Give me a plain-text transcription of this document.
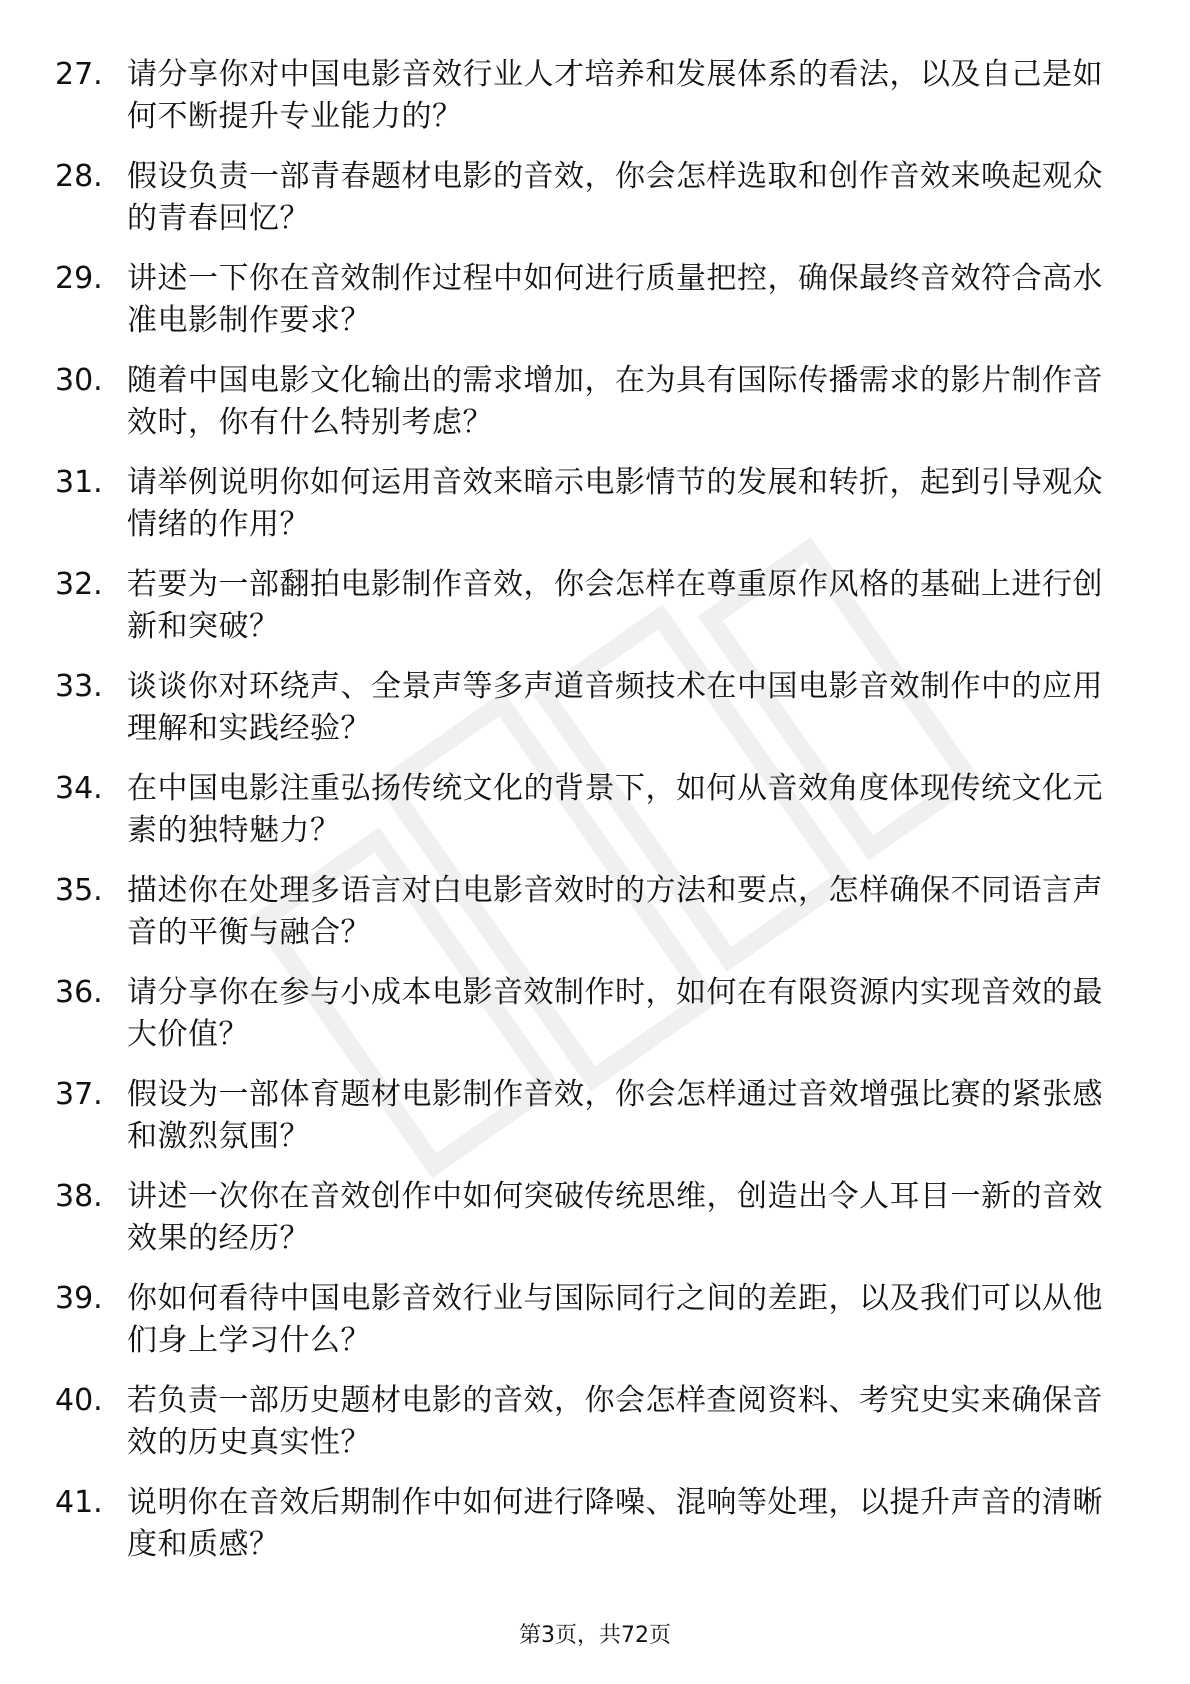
27. 请分享你对中国电影音效行业人才培养和发展体系的看法，以及自己是如何不断提升专业能力的？
28. 假设负责一部青春题材电影的音效，你会怎样选取和创作音效来唤起观众的青春回忆？
29. 讲述一下你在音效制作过程中如何进行质量把控，确保最终音效符合高水准电影制作要求？
30. 随着中国电影文化输出的需求增加，在为具有国际传播需求的影片制作音效时，你有什么特别考虑？
31. 请举例说明你如何运用音效来暗示电影情节的发展和转折，起到引导观众情绪的作用？
32. 若要为一部翻拍电影制作音效，你会怎样在尊重原作风格的基础上进行创新和突破？
33. 谈谈你对环绕声、全景声等多声道音频技术在中国电影音效制作中的应用理解和实践经验？
34. 在中国电影注重弘扬传统文化的背景下，如何从音效角度体现传统文化元素的独特魅力？
35. 描述你在处理多语言对白电影音效时的方法和要点，怎样确保不同语言声音的平衡与融合？
36. 请分享你在参与小成本电影音效制作时，如何在有限资源内实现音效的最大价值？
37. 假设为一部体育题材电影制作音效，你会怎样通过音效增强比赛的紧张感和激烈氛围？
38. 讲述一次你在音效创作中如何突破传统思维，创造出令人耳目一新的音效效果的经历？
39. 你如何看待中国电影音效行业与国际同行之间的差距，以及我们可以从他们身上学习什么？
40. 若负责一部历史题材电影的音效，你会怎样查阅资料、考究史实来确保音效的历史真实性？
41. 说明你在音效后期制作中如何进行降噪、混响等处理，以提升声音的清晰度和质感？
第3页，共72页
